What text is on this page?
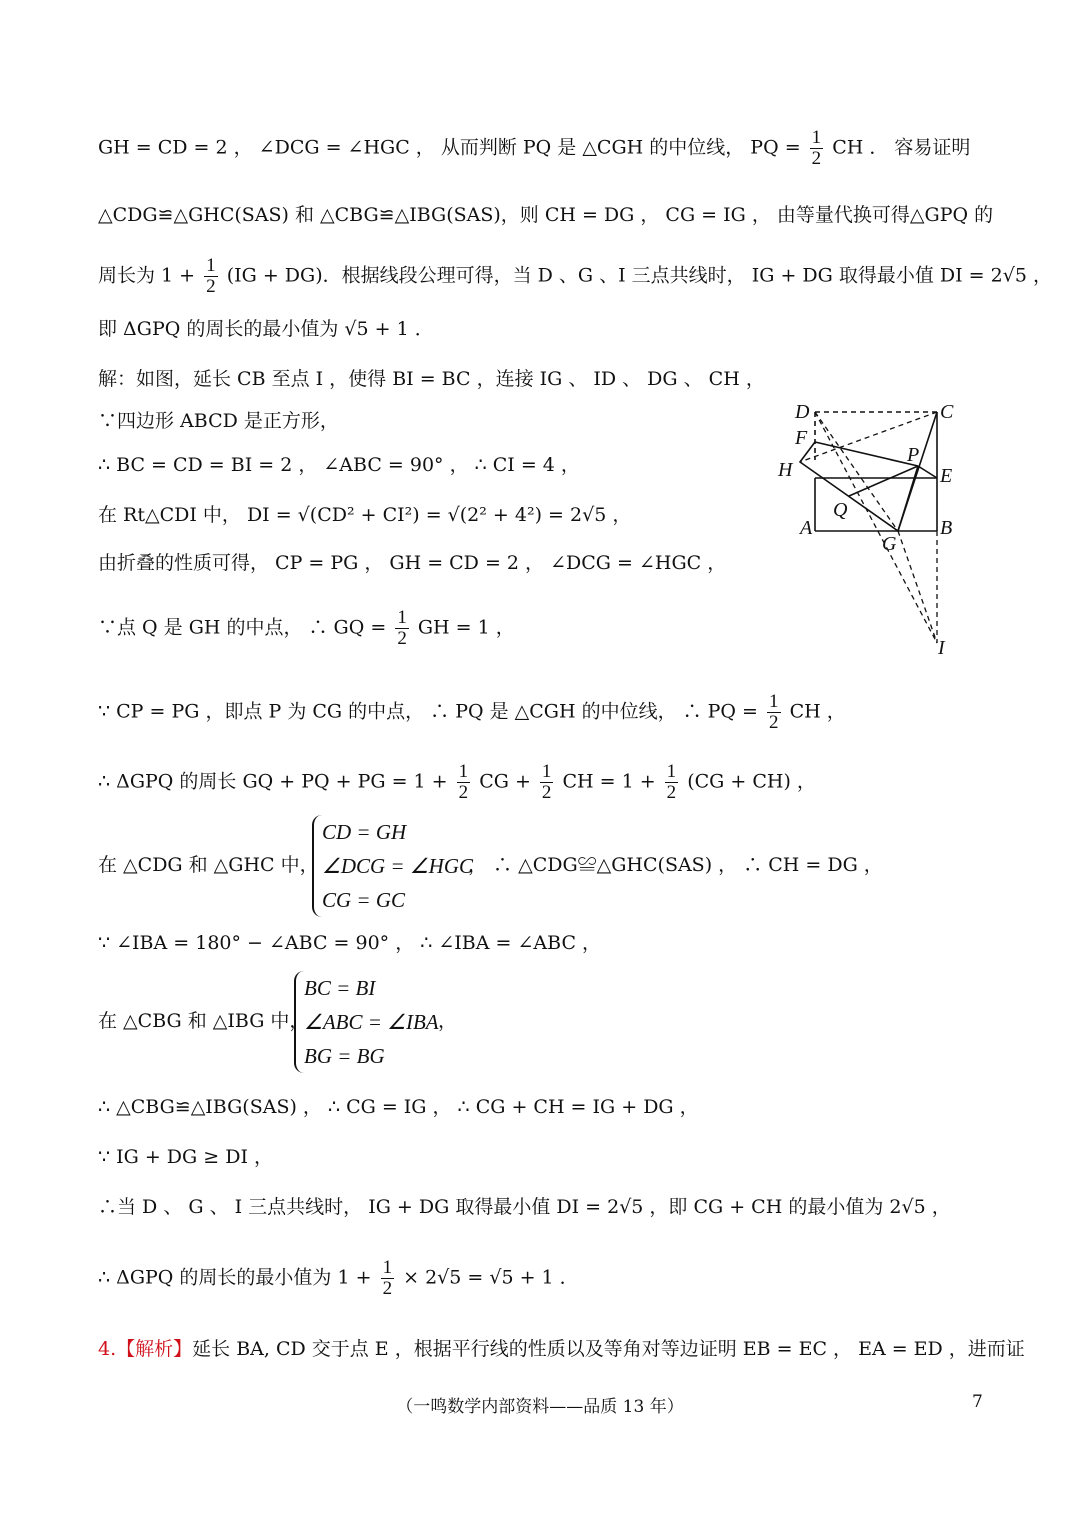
GH = CD = 2 ， ∠DCG = ∠HGC ， 从而判断 PQ 是 △CGH 的中位线， PQ = $\frac{1}{2}$ CH ． 容易证明
△CDG≌△GHC(SAS) 和 △CBG≌△IBG(SAS)，则 CH = DG ， CG = IG ， 由等量代换可得△GPQ 的
周长为 $1 + \frac{1}{2} (IG + DG)$．根据线段公理可得，当 D 、G 、I 三点共线时， IG + DG 取得最小值 DI = 2√5 ，
即 ΔGPQ 的周长的最小值为 √5 + 1 ．
解：如图，延长 CB 至点 I ，使得 BI = BC ，连接 IG 、 ID 、 DG 、 CH ，
∵四边形 ABCD 是正方形，
∴ BC = CD = BI = 2 ， ∠ABC = 90° ， ∴ CI = 4 ，
在 Rt△CDI 中， DI = √(CD² + CI²) = √(2² + 4²) = 2√5 ，
由折叠的性质可得， CP = PG ， GH = CD = 2 ， ∠DCG = ∠HGC ，
∵点 Q 是 GH 的中点， ∴ GQ = $\frac{1}{2}$ GH = 1 ，
∵ CP = PG ，即点 P 为 CG 的中点， ∴ PQ 是 △CGH 的中位线， ∴ PQ = $\frac{1}{2}$ CH ，
∴ ΔGPQ 的周长 GQ + PQ + PG = $1 + \frac{1}{2}$ CG + $\frac{1}{2}$ CH = $1 + \frac{1}{2} (CG + CH)$ ，
在 △CDG 和 △GHC 中，
CD = GH
∠DCG = ∠HGC
CG = GC
， ∴ △CDG≌△GHC(SAS) ， ∴ CH = DG ，
∵ ∠IBA = 180° − ∠ABC = 90° ， ∴ ∠IBA = ∠ABC ，
在 △CBG 和 △IBG 中，
BC = BI
∠ABC = ∠IBA
BG = BG
，
∴ △CBG≌△IBG(SAS) ， ∴ CG = IG ， ∴ CG + CH = IG + DG ，
∵ IG + DG ≥ DI ，
∴当 D 、 G 、 I 三点共线时， IG + DG 取得最小值 DI = 2√5 ，即 CG + CH 的最小值为 2√5 ，
∴ ΔGPQ 的周长的最小值为 $1 + \frac{1}{2} \times 2√5 = √5 + 1$ ．
4.【解析】延长 BA, CD 交于点 E ，根据平行线的性质以及等角对等边证明 EB = EC ， EA = ED ，进而证
D	C
F
P
H	E
Q
A	B
G
I
（一鸣数学内部资料——品质 13 年）	7
